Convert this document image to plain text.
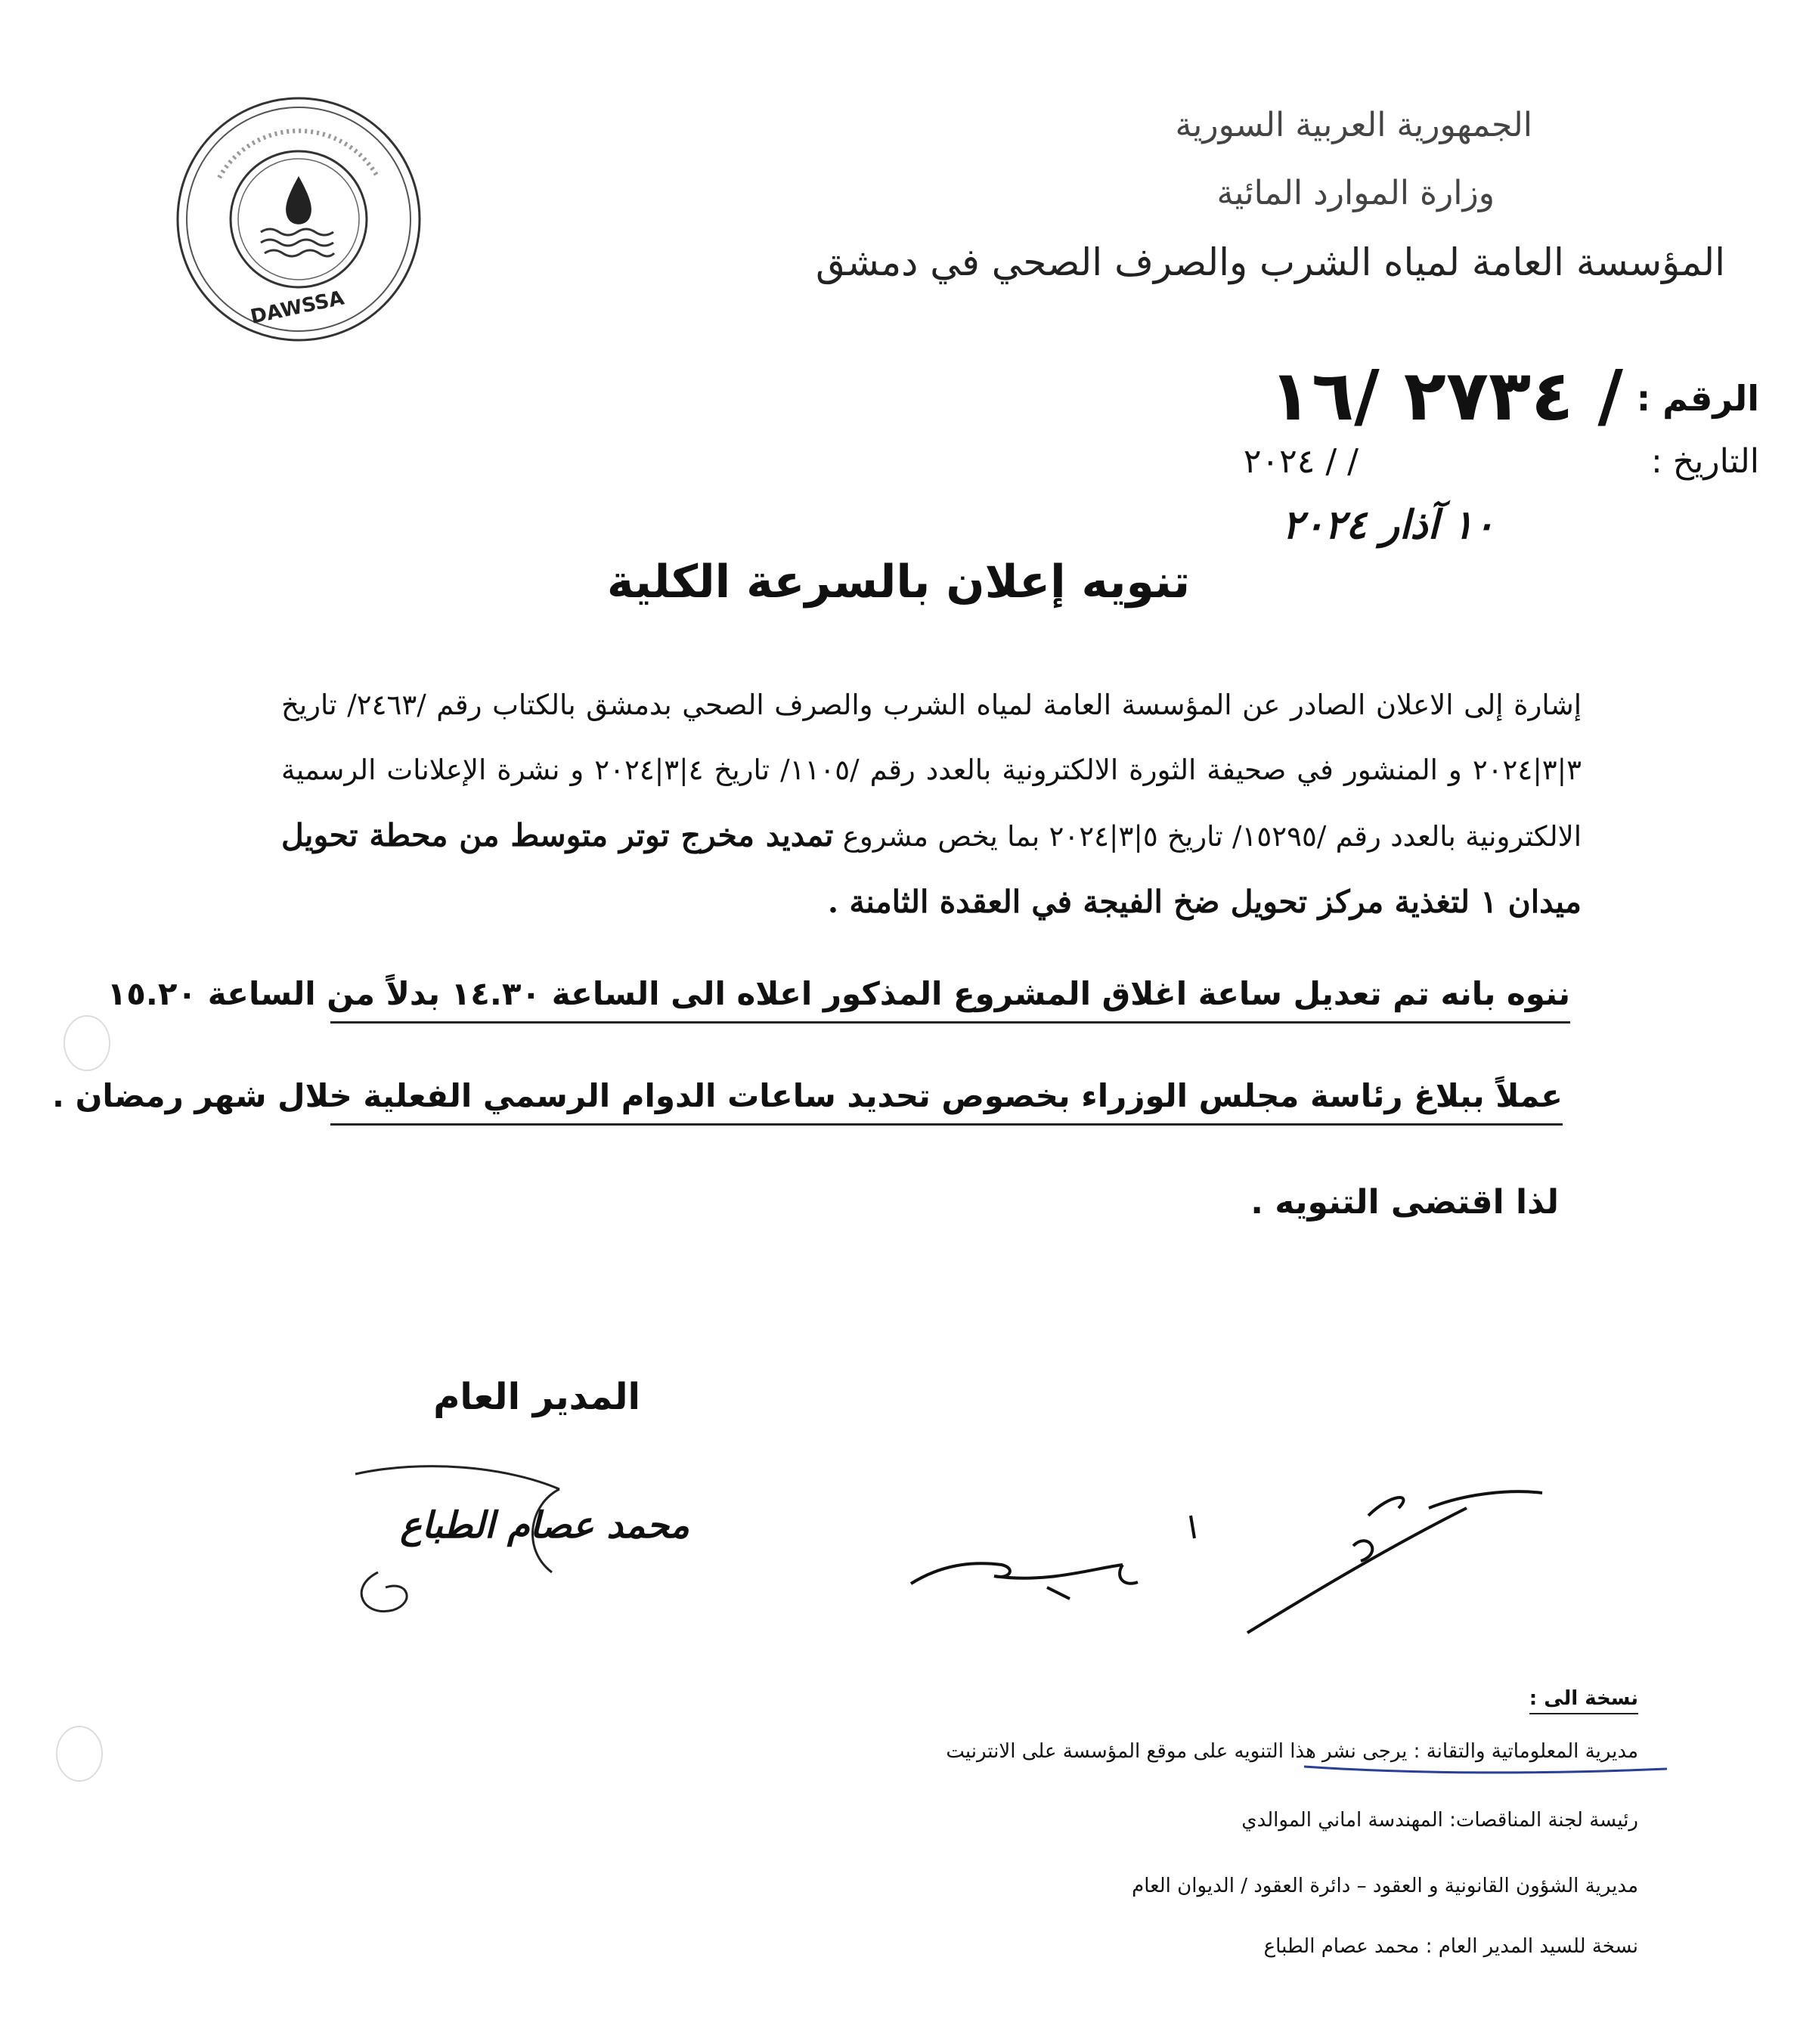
DAWSSA
الجمهورية العربية السورية
وزارة الموارد المائية
المؤسسة العامة لمياه الشرب والصرف الصحي في دمشق
الرقم :
/ ٢٧٣٤ /١٦
التاريخ :
/ / ٢٠٢٤
١٠ آذار ٢٠٢٤
تنويه إعلان بالسرعة الكلية
إشارة إلى الاعلان الصادر عن المؤسسة العامة لمياه الشرب والصرف الصحي بدمشق بالكتاب رقم /٢٤٦٣/ تاريخ ٣|٣|٢٠٢٤ و المنشور في صحيفة الثورة الالكترونية بالعدد رقم /١١٠٥/ تاريخ ٤|٣|٢٠٢٤ و نشرة الإعلانات الرسمية الالكترونية بالعدد رقم /١٥٢٩٥/ تاريخ ٥|٣|٢٠٢٤ بما يخص مشروع تمديد مخرج توتر متوسط من محطة تحويل ميدان ١ لتغذية مركز تحويل ضخ الفيجة في العقدة الثامنة .
ننوه بانه تم تعديل ساعة اغلاق المشروع المذكور اعلاه الى الساعة ١٤.٣٠ بدلاً من الساعة ١٥.٢٠
عملاً ببلاغ رئاسة مجلس الوزراء بخصوص تحديد ساعات الدوام الرسمي الفعلية خلال شهر رمضان .
لذا اقتضى التنويه .
المدير العام
محمد عصام الطباع
نسخة الى :
مديرية المعلوماتية والتقانة : يرجى نشر هذا التنويه على موقع المؤسسة على الانترنيت
رئيسة لجنة المناقصات: المهندسة اماني الموالدي
مديرية الشؤون القانونية و العقود – دائرة العقود / الديوان العام
نسخة للسيد المدير العام : محمد عصام الطباع
